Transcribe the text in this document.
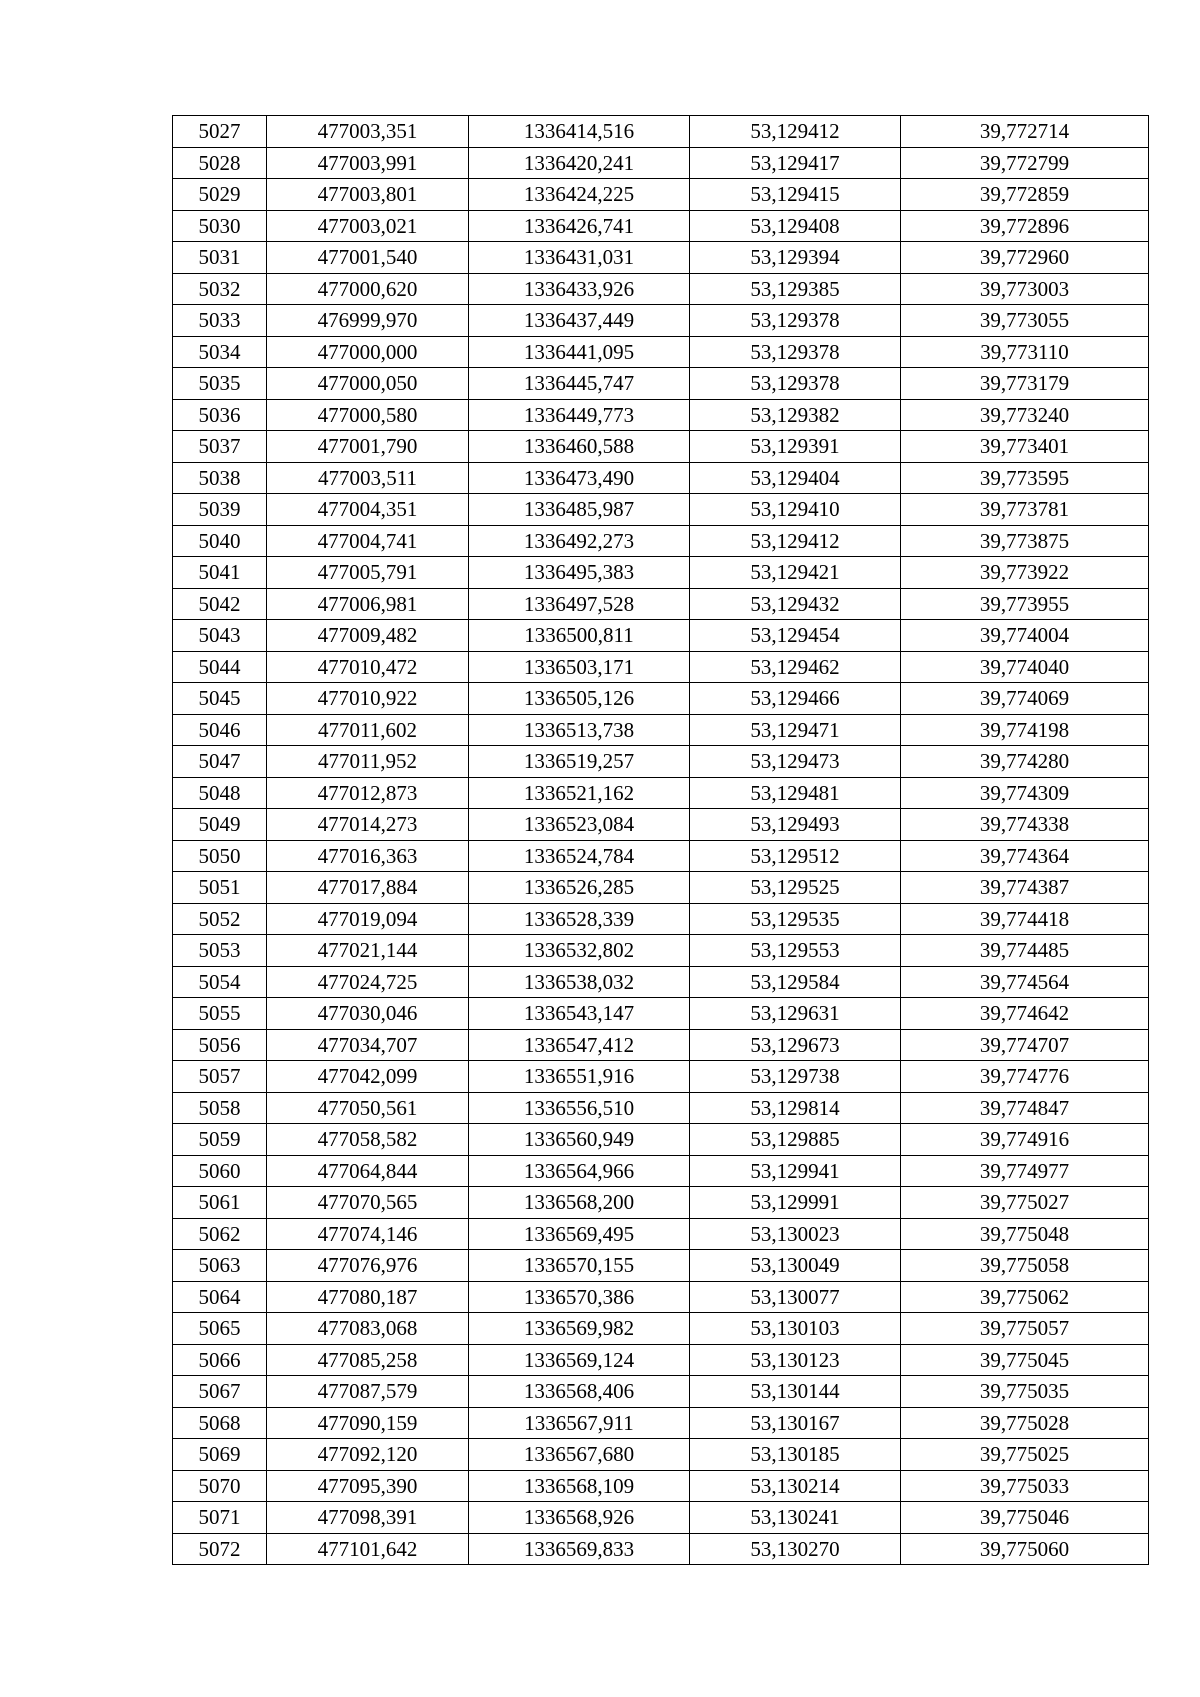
5027	477003,351	1336414,516	53,129412	39,772714
5028	477003,991	1336420,241	53,129417	39,772799
5029	477003,801	1336424,225	53,129415	39,772859
5030	477003,021	1336426,741	53,129408	39,772896
5031	477001,540	1336431,031	53,129394	39,772960
5032	477000,620	1336433,926	53,129385	39,773003
5033	476999,970	1336437,449	53,129378	39,773055
5034	477000,000	1336441,095	53,129378	39,773110
5035	477000,050	1336445,747	53,129378	39,773179
5036	477000,580	1336449,773	53,129382	39,773240
5037	477001,790	1336460,588	53,129391	39,773401
5038	477003,511	1336473,490	53,129404	39,773595
5039	477004,351	1336485,987	53,129410	39,773781
5040	477004,741	1336492,273	53,129412	39,773875
5041	477005,791	1336495,383	53,129421	39,773922
5042	477006,981	1336497,528	53,129432	39,773955
5043	477009,482	1336500,811	53,129454	39,774004
5044	477010,472	1336503,171	53,129462	39,774040
5045	477010,922	1336505,126	53,129466	39,774069
5046	477011,602	1336513,738	53,129471	39,774198
5047	477011,952	1336519,257	53,129473	39,774280
5048	477012,873	1336521,162	53,129481	39,774309
5049	477014,273	1336523,084	53,129493	39,774338
5050	477016,363	1336524,784	53,129512	39,774364
5051	477017,884	1336526,285	53,129525	39,774387
5052	477019,094	1336528,339	53,129535	39,774418
5053	477021,144	1336532,802	53,129553	39,774485
5054	477024,725	1336538,032	53,129584	39,774564
5055	477030,046	1336543,147	53,129631	39,774642
5056	477034,707	1336547,412	53,129673	39,774707
5057	477042,099	1336551,916	53,129738	39,774776
5058	477050,561	1336556,510	53,129814	39,774847
5059	477058,582	1336560,949	53,129885	39,774916
5060	477064,844	1336564,966	53,129941	39,774977
5061	477070,565	1336568,200	53,129991	39,775027
5062	477074,146	1336569,495	53,130023	39,775048
5063	477076,976	1336570,155	53,130049	39,775058
5064	477080,187	1336570,386	53,130077	39,775062
5065	477083,068	1336569,982	53,130103	39,775057
5066	477085,258	1336569,124	53,130123	39,775045
5067	477087,579	1336568,406	53,130144	39,775035
5068	477090,159	1336567,911	53,130167	39,775028
5069	477092,120	1336567,680	53,130185	39,775025
5070	477095,390	1336568,109	53,130214	39,775033
5071	477098,391	1336568,926	53,130241	39,775046
5072	477101,642	1336569,833	53,130270	39,775060
